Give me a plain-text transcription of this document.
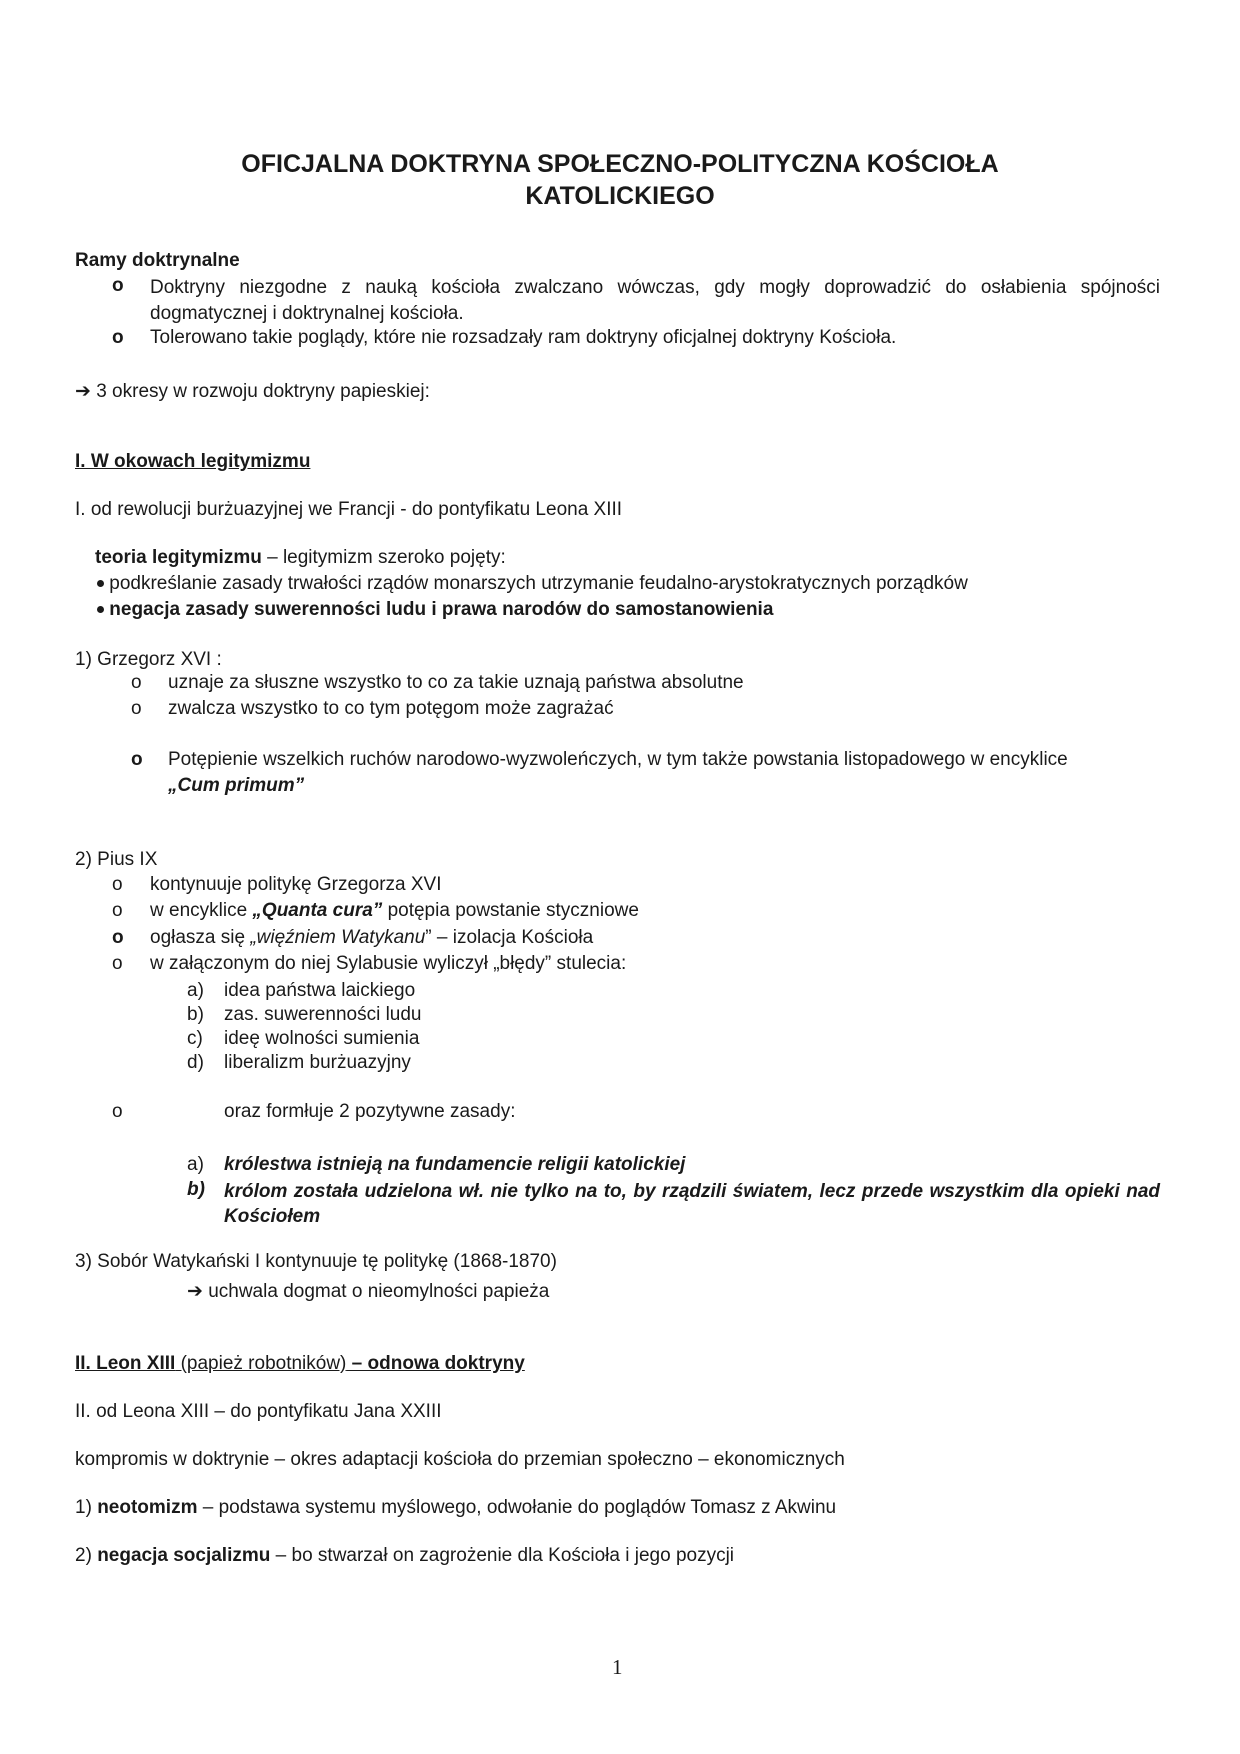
OFICJALNA DOKTRYNA SPOŁECZNO-POLITYCZNA KOŚCIOŁA
KATOLICKIEGO
Ramy doktrynalne
o Doktryny niezgodne z nauką kościoła zwalczano wówczas, gdy mogły doprowadzić do osłabienia spójności dogmatycznej i doktrynalnej kościoła.
o Tolerowano takie poglądy, które nie rozsadzały ram doktryny oficjalnej doktryny Kościoła.
➔ 3 okresy w rozwoju doktryny papieskiej:
I. W okowach legitymizmu
I. od rewolucji burżuazyjnej we Francji - do pontyfikatu Leona XIII
teoria legitymizmu – legitymizm szeroko pojęty:
podkreślanie zasady trwałości rządów monarszych utrzymanie feudalno-arystokratycznych porządków
negacja zasady suwerenności ludu i prawa narodów do samostanowienia
1) Grzegorz XVI :
o uznaje za słuszne wszystko to co za takie uznają państwa absolutne
o zwalcza wszystko to co tym potęgom może zagrażać
o Potępienie wszelkich ruchów narodowo-wyzwoleńczych, w tym także powstania listopadowego w encyklice
„Cum primum”
2) Pius IX
o kontynuuje politykę Grzegorza XVI
o w encyklice „Quanta cura” potępia powstanie styczniowe
o ogłasza się „więźniem Watykanu” – izolacja Kościoła
o w załączonym do niej Sylabusie wyliczył „błędy” stulecia:
a) idea państwa laickiego
b) zas. suwerenności ludu
c) ideę wolności sumienia
d) liberalizm burżuazyjny
o	oraz formłuje 2 pozytywne zasady:
a) królestwa istnieją na fundamencie religii katolickiej
b) królom została udzielona wł. nie tylko na to, by rządzili światem, lecz przede wszystkim dla opieki nad Kościołem
3) Sobór Watykański I kontynuuje tę politykę (1868-1870)
➔ uchwala dogmat o nieomylności papieża
II. Leon XIII (papież robotników) – odnowa doktryny
II. od Leona XIII – do pontyfikatu Jana XXIII
kompromis w doktrynie – okres adaptacji kościoła do przemian społeczno – ekonomicznych
1) neotomizm – podstawa systemu myślowego, odwołanie do poglądów Tomasz z Akwinu
2) negacja socjalizmu – bo stwarzał on zagrożenie dla Kościoła i jego pozycji
1
